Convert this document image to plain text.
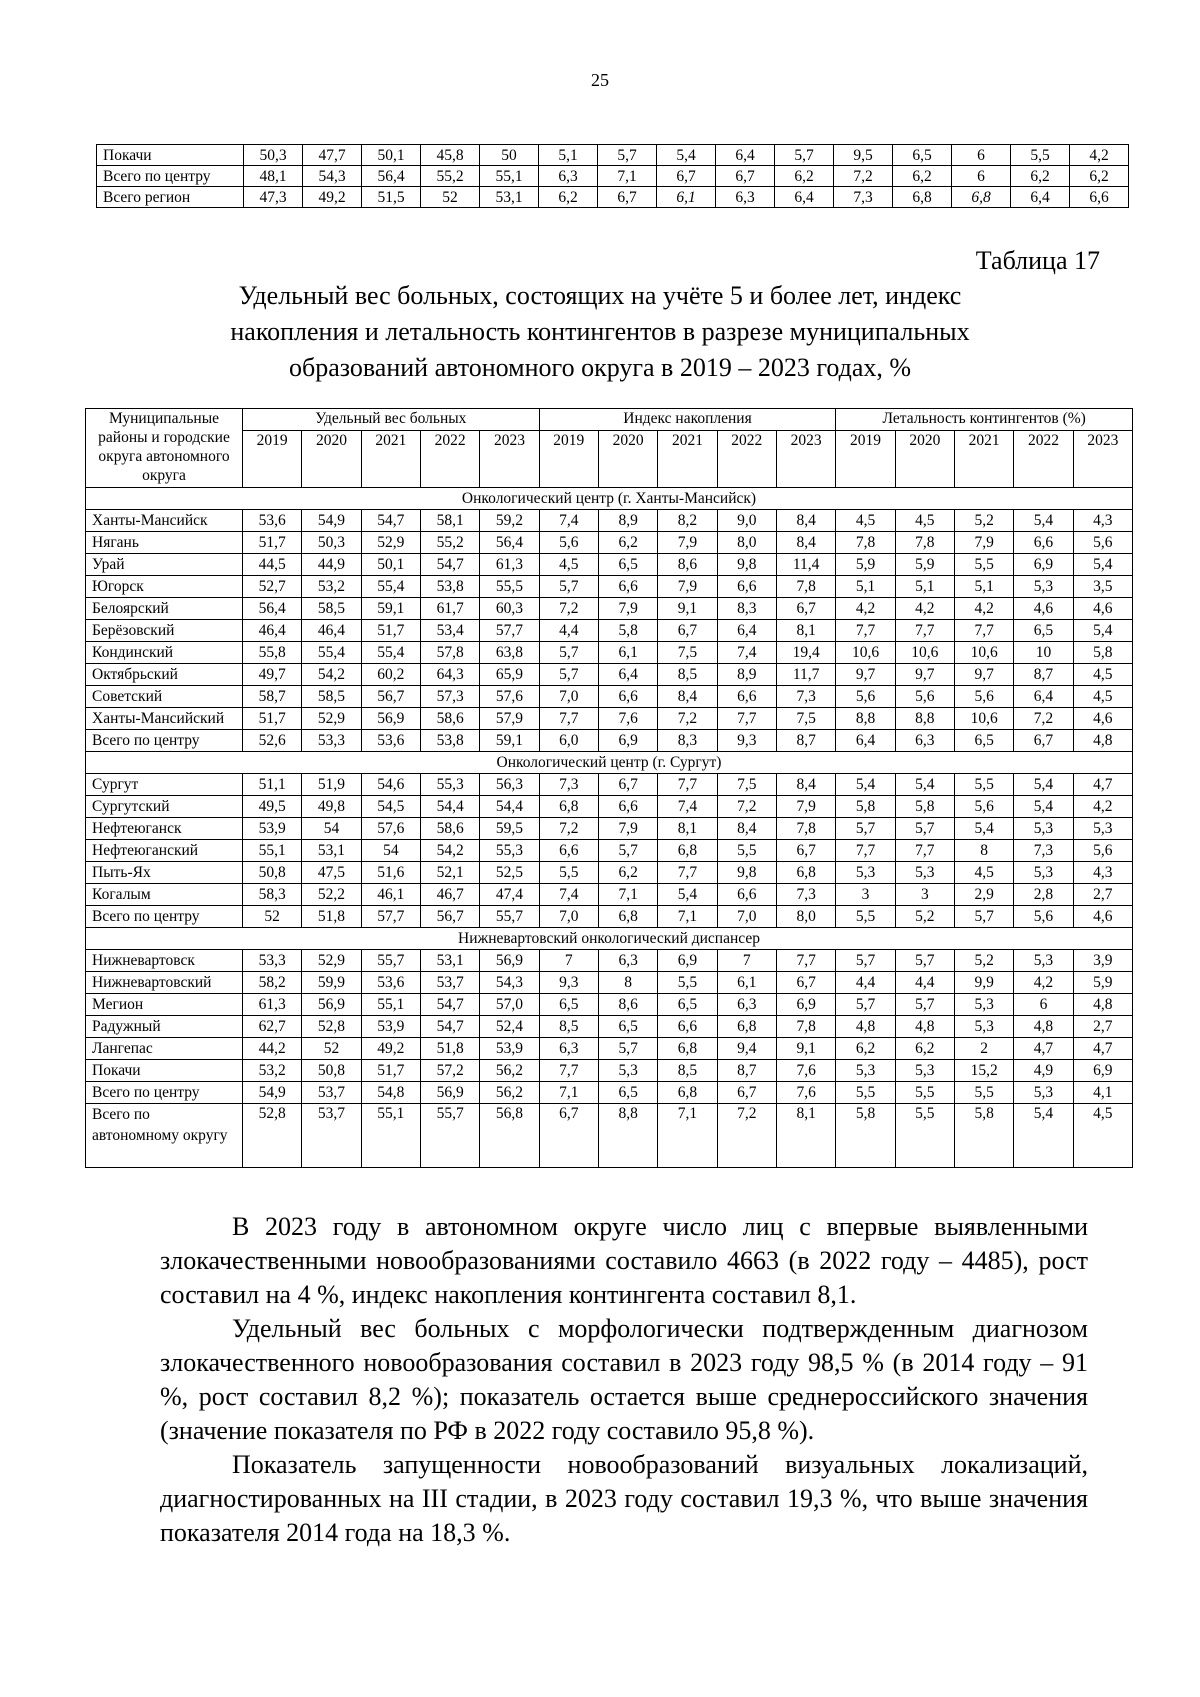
25
Покачи	50,3	47,7	50,1	45,8	50	5,1	5,7	5,4	6,4	5,7	9,5	6,5	6	5,5	4,2
Всего по центру	48,1	54,3	56,4	55,2	55,1	6,3	7,1	6,7	6,7	6,2	7,2	6,2	6	6,2	6,2
Всего регион	47,3	49,2	51,5	52	53,1	6,2	6,7	6,1	6,3	6,4	7,3	6,8	6,8	6,4	6,6
Таблица 17
Удельный вес больных, состоящих на учёте 5 и более лет, индекс
накопления и летальность контингентов в разрезе муниципальных
образований автономного округа в 2019 – 2023 годах, %
Муниципальные районы и городские округа автономного округа	Удельный вес больных					Индекс накопления					Летальность контингентов (%)				
	2019	2020	2021	2022	2023	2019	2020	2021	2022	2023	2019	2020	2021	2022	2023
Онкологический центр (г. Ханты-Мансийск)															
Ханты-Мансийск	53,6	54,9	54,7	58,1	59,2	7,4	8,9	8,2	9,0	8,4	4,5	4,5	5,2	5,4	4,3
Нягань	51,7	50,3	52,9	55,2	56,4	5,6	6,2	7,9	8,0	8,4	7,8	7,8	7,9	6,6	5,6
Урай	44,5	44,9	50,1	54,7	61,3	4,5	6,5	8,6	9,8	11,4	5,9	5,9	5,5	6,9	5,4
Югорск	52,7	53,2	55,4	53,8	55,5	5,7	6,6	7,9	6,6	7,8	5,1	5,1	5,1	5,3	3,5
Белоярский	56,4	58,5	59,1	61,7	60,3	7,2	7,9	9,1	8,3	6,7	4,2	4,2	4,2	4,6	4,6
Берёзовский	46,4	46,4	51,7	53,4	57,7	4,4	5,8	6,7	6,4	8,1	7,7	7,7	7,7	6,5	5,4
Кондинский	55,8	55,4	55,4	57,8	63,8	5,7	6,1	7,5	7,4	19,4	10,6	10,6	10,6	10	5,8
Октябрьский	49,7	54,2	60,2	64,3	65,9	5,7	6,4	8,5	8,9	11,7	9,7	9,7	9,7	8,7	4,5
Советский	58,7	58,5	56,7	57,3	57,6	7,0	6,6	8,4	6,6	7,3	5,6	5,6	5,6	6,4	4,5
Ханты-Мансийский	51,7	52,9	56,9	58,6	57,9	7,7	7,6	7,2	7,7	7,5	8,8	8,8	10,6	7,2	4,6
Всего по центру	52,6	53,3	53,6	53,8	59,1	6,0	6,9	8,3	9,3	8,7	6,4	6,3	6,5	6,7	4,8
Онкологический центр (г. Сургут)															
Сургут	51,1	51,9	54,6	55,3	56,3	7,3	6,7	7,7	7,5	8,4	5,4	5,4	5,5	5,4	4,7
Сургутский	49,5	49,8	54,5	54,4	54,4	6,8	6,6	7,4	7,2	7,9	5,8	5,8	5,6	5,4	4,2
Нефтеюганск	53,9	54	57,6	58,6	59,5	7,2	7,9	8,1	8,4	7,8	5,7	5,7	5,4	5,3	5,3
Нефтеюганский	55,1	53,1	54	54,2	55,3	6,6	5,7	6,8	5,5	6,7	7,7	7,7	8	7,3	5,6
Пыть-Ях	50,8	47,5	51,6	52,1	52,5	5,5	6,2	7,7	9,8	6,8	5,3	5,3	4,5	5,3	4,3
Когалым	58,3	52,2	46,1	46,7	47,4	7,4	7,1	5,4	6,6	7,3	3	3	2,9	2,8	2,7
Всего по центру	52	51,8	57,7	56,7	55,7	7,0	6,8	7,1	7,0	8,0	5,5	5,2	5,7	5,6	4,6
Нижневартовский онкологический диспансер															
Нижневартовск	53,3	52,9	55,7	53,1	56,9	7	6,3	6,9	7	7,7	5,7	5,7	5,2	5,3	3,9
Нижневартовский	58,2	59,9	53,6	53,7	54,3	9,3	8	5,5	6,1	6,7	4,4	4,4	9,9	4,2	5,9
Мегион	61,3	56,9	55,1	54,7	57,0	6,5	8,6	6,5	6,3	6,9	5,7	5,7	5,3	6	4,8
Радужный	62,7	52,8	53,9	54,7	52,4	8,5	6,5	6,6	6,8	7,8	4,8	4,8	5,3	4,8	2,7
Лангепас	44,2	52	49,2	51,8	53,9	6,3	5,7	6,8	9,4	9,1	6,2	6,2	2	4,7	4,7
Покачи	53,2	50,8	51,7	57,2	56,2	7,7	5,3	8,5	8,7	7,6	5,3	5,3	15,2	4,9	6,9
Всего по центру	54,9	53,7	54,8	56,9	56,2	7,1	6,5	6,8	6,7	7,6	5,5	5,5	5,5	5,3	4,1
Всего по автономному округу	52,8	53,7	55,1	55,7	56,8	6,7	8,8	7,1	7,2	8,1	5,8	5,5	5,8	5,4	4,5

В 2023 году в автономном округе число лиц с впервые выявленными злокачественными новообразованиями составило 4663 (в 2022 году – 4485), рост составил на 4 %, индекс накопления контингента составил 8,1.

Удельный вес больных с морфологически подтвержденным диагнозом злокачественного новообразования составил в 2023 году 98,5 % (в 2014 году – 91 %, рост составил 8,2 %); показатель остается выше среднероссийского значения (значение показателя по РФ в 2022 году составило 95,8 %).

Показатель запущенности новообразований визуальных локализаций, диагностированных на III стадии, в 2023 году составил 19,3 %, что выше значения показателя 2014 года на 18,3 %.
